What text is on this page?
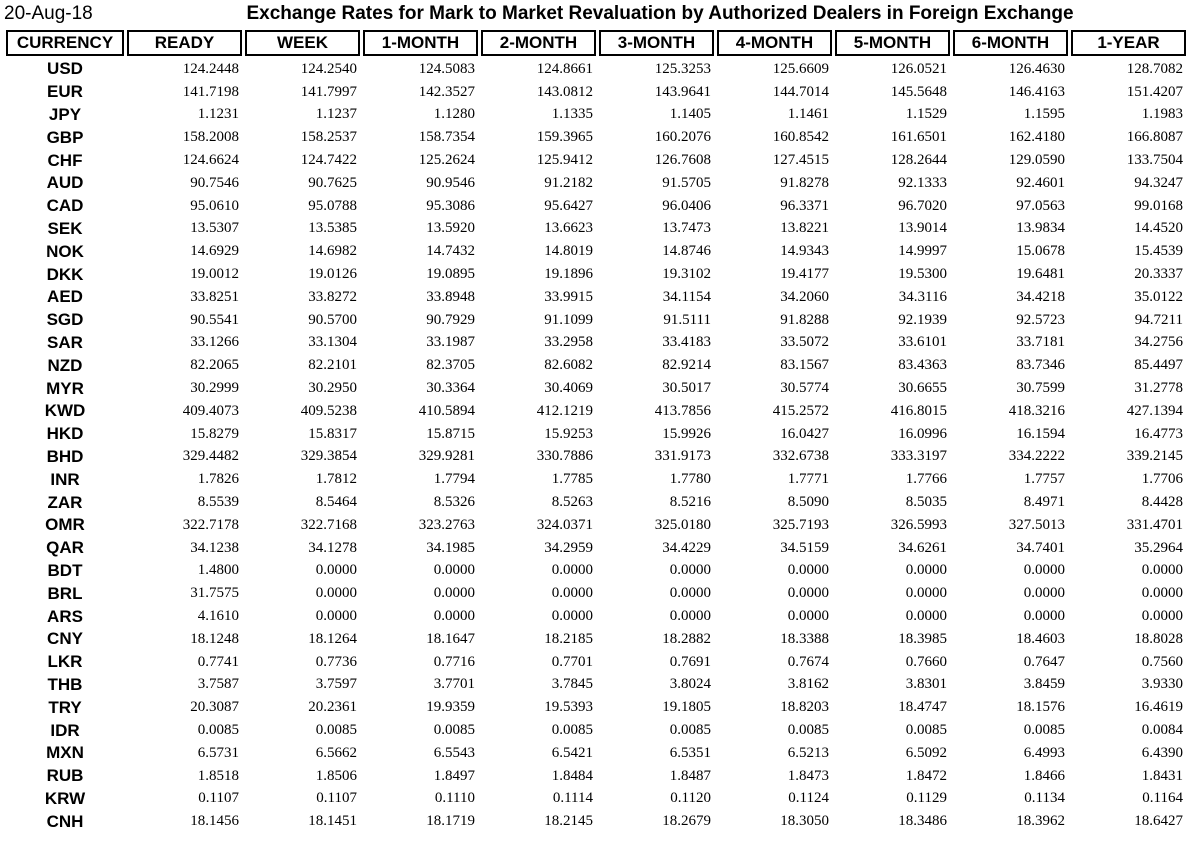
20-Aug-18	Exchange Rates for Mark to Market Revaluation by Authorized Dealers in Foreign Exchange
CURRENCY	READY	WEEK	1-MONTH	2-MONTH	3-MONTH	4-MONTH	5-MONTH	6-MONTH	1-YEAR

USD	124.2448	124.2540	124.5083	124.8661	125.3253	125.6609	126.0521	126.4630	128.7082
EUR	141.7198	141.7997	142.3527	143.0812	143.9641	144.7014	145.5648	146.4163	151.4207
JPY	1.1231	1.1237	1.1280	1.1335	1.1405	1.1461	1.1529	1.1595	1.1983
GBP	158.2008	158.2537	158.7354	159.3965	160.2076	160.8542	161.6501	162.4180	166.8087
CHF	124.6624	124.7422	125.2624	125.9412	126.7608	127.4515	128.2644	129.0590	133.7504
AUD	90.7546	90.7625	90.9546	91.2182	91.5705	91.8278	92.1333	92.4601	94.3247
CAD	95.0610	95.0788	95.3086	95.6427	96.0406	96.3371	96.7020	97.0563	99.0168
SEK	13.5307	13.5385	13.5920	13.6623	13.7473	13.8221	13.9014	13.9834	14.4520
NOK	14.6929	14.6982	14.7432	14.8019	14.8746	14.9343	14.9997	15.0678	15.4539
DKK	19.0012	19.0126	19.0895	19.1896	19.3102	19.4177	19.5300	19.6481	20.3337
AED	33.8251	33.8272	33.8948	33.9915	34.1154	34.2060	34.3116	34.4218	35.0122
SGD	90.5541	90.5700	90.7929	91.1099	91.5111	91.8288	92.1939	92.5723	94.7211
SAR	33.1266	33.1304	33.1987	33.2958	33.4183	33.5072	33.6101	33.7181	34.2756
NZD	82.2065	82.2101	82.3705	82.6082	82.9214	83.1567	83.4363	83.7346	85.4497
MYR	30.2999	30.2950	30.3364	30.4069	30.5017	30.5774	30.6655	30.7599	31.2778
KWD	409.4073	409.5238	410.5894	412.1219	413.7856	415.2572	416.8015	418.3216	427.1394
HKD	15.8279	15.8317	15.8715	15.9253	15.9926	16.0427	16.0996	16.1594	16.4773
BHD	329.4482	329.3854	329.9281	330.7886	331.9173	332.6738	333.3197	334.2222	339.2145
INR	1.7826	1.7812	1.7794	1.7785	1.7780	1.7771	1.7766	1.7757	1.7706
ZAR	8.5539	8.5464	8.5326	8.5263	8.5216	8.5090	8.5035	8.4971	8.4428
OMR	322.7178	322.7168	323.2763	324.0371	325.0180	325.7193	326.5993	327.5013	331.4701
QAR	34.1238	34.1278	34.1985	34.2959	34.4229	34.5159	34.6261	34.7401	35.2964
BDT	1.4800	0.0000	0.0000	0.0000	0.0000	0.0000	0.0000	0.0000	0.0000
BRL	31.7575	0.0000	0.0000	0.0000	0.0000	0.0000	0.0000	0.0000	0.0000
ARS	4.1610	0.0000	0.0000	0.0000	0.0000	0.0000	0.0000	0.0000	0.0000
CNY	18.1248	18.1264	18.1647	18.2185	18.2882	18.3388	18.3985	18.4603	18.8028
LKR	0.7741	0.7736	0.7716	0.7701	0.7691	0.7674	0.7660	0.7647	0.7560
THB	3.7587	3.7597	3.7701	3.7845	3.8024	3.8162	3.8301	3.8459	3.9330
TRY	20.3087	20.2361	19.9359	19.5393	19.1805	18.8203	18.4747	18.1576	16.4619
IDR	0.0085	0.0085	0.0085	0.0085	0.0085	0.0085	0.0085	0.0085	0.0084
MXN	6.5731	6.5662	6.5543	6.5421	6.5351	6.5213	6.5092	6.4993	6.4390
RUB	1.8518	1.8506	1.8497	1.8484	1.8487	1.8473	1.8472	1.8466	1.8431
KRW	0.1107	0.1107	0.1110	0.1114	0.1120	0.1124	0.1129	0.1134	0.1164
CNH	18.1456	18.1451	18.1719	18.2145	18.2679	18.3050	18.3486	18.3962	18.6427
